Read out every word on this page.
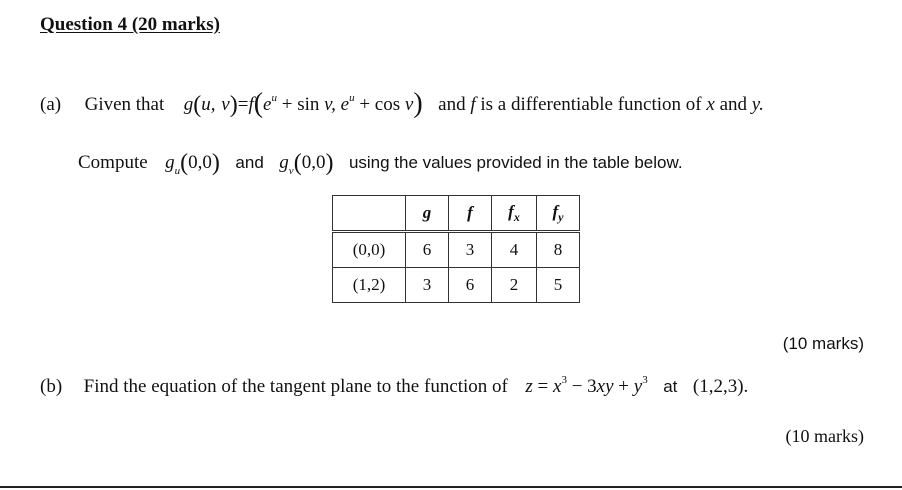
Question 4 (20 marks)
(a) Given that g(u, $v)=f(e^u + \sin v$, $e^u + \cos v$) and f is a differentiable function of x and y.
Compute $g_u(0,0)$ and $g_v(0,0)$ using the values provided in the table below.
	g	f	$f_x$	$f_y$
(0,0)	6	3	4	8
(1,2)	3	6	2	5
(10 marks)
(b) Find the equation of the tangent plane to the function of $z = x^3 - 3xy + y^3$ at (1,2,3).
(10 marks)
